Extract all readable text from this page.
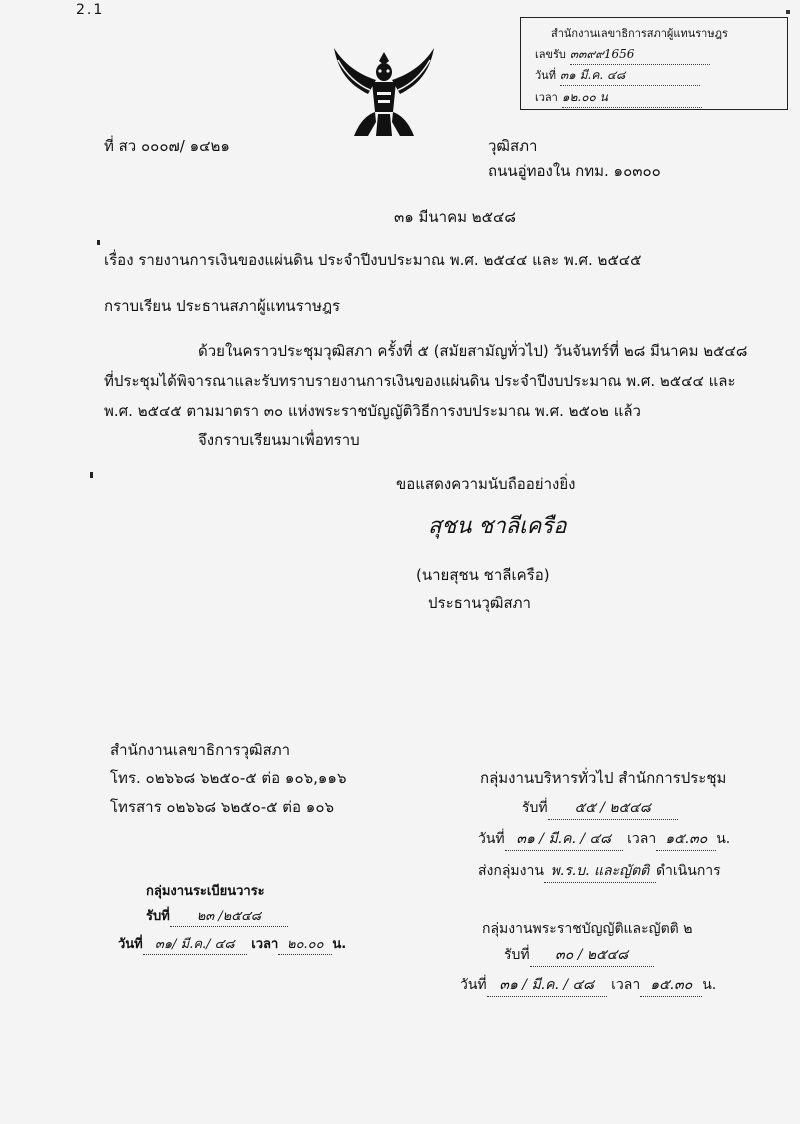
2.1
สำนักงานเลขาธิการสภาผู้แทนราษฎร
เลขรับ ๓๓๙๙1656
วันที่ ๓๑ มี.ค. ๔๘
เวลา ๑๒.๐๐ น
ที่ สว ๐๐๐๗/ ๑๔๒๑	วุฒิสภา
ถนนอู่ทองใน กทม. ๑๐๓๐๐
๓๑ มีนาคม ๒๕๔๘
เรื่อง รายงานการเงินของแผ่นดิน ประจำปีงบประมาณ พ.ศ. ๒๕๔๔ และ พ.ศ. ๒๕๔๕
กราบเรียน ประธานสภาผู้แทนราษฎร
ด้วยในคราวประชุมวุฒิสภา ครั้งที่ ๕ (สมัยสามัญทั่วไป) วันจันทร์ที่ ๒๘ มีนาคม ๒๕๔๘
ที่ประชุมได้พิจารณาและรับทราบรายงานการเงินของแผ่นดิน ประจำปีงบประมาณ พ.ศ. ๒๕๔๔ และ
พ.ศ. ๒๕๔๕ ตามมาตรา ๓๐ แห่งพระราชบัญญัติวิธีการงบประมาณ พ.ศ. ๒๕๐๒ แล้ว
จึงกราบเรียนมาเพื่อทราบ
ขอแสดงความนับถืออย่างยิ่ง
สุชน ชาลีเครือ
(นายสุชน ชาลีเครือ)
ประธานวุฒิสภา
สำนักงานเลขาธิการวุฒิสภา
โทร. ๐๒๖๖๘ ๖๒๕๐-๕ ต่อ ๑๐๖,๑๑๖
โทรสาร ๐๒๖๖๘ ๖๒๕๐-๕ ต่อ ๑๐๖
กลุ่มงานบริหารทั่วไป สำนักการประชุม
รับที่ ๕๕ / ๒๕๔๘
วันที่ ๓๑ / มี.ค. / ๔๘ เวลา ๑๕.๓๐ น.
ส่งกลุ่มงาน พ.ร.บ. และญัตติ ดำเนินการ
กลุ่มงานระเบียนวาระ
รับที่ ๒๓ /๒๕๔๘
วันที่ ๓๑/ มี.ค./ ๔๘ เวลา ๒๐.๐๐ น.
กลุ่มงานพระราชบัญญัติและญัตติ ๒
รับที่ ๓๐ / ๒๕๔๘
วันที่ ๓๑ / มี.ค. / ๔๘ เวลา ๑๕.๓๐ น.
